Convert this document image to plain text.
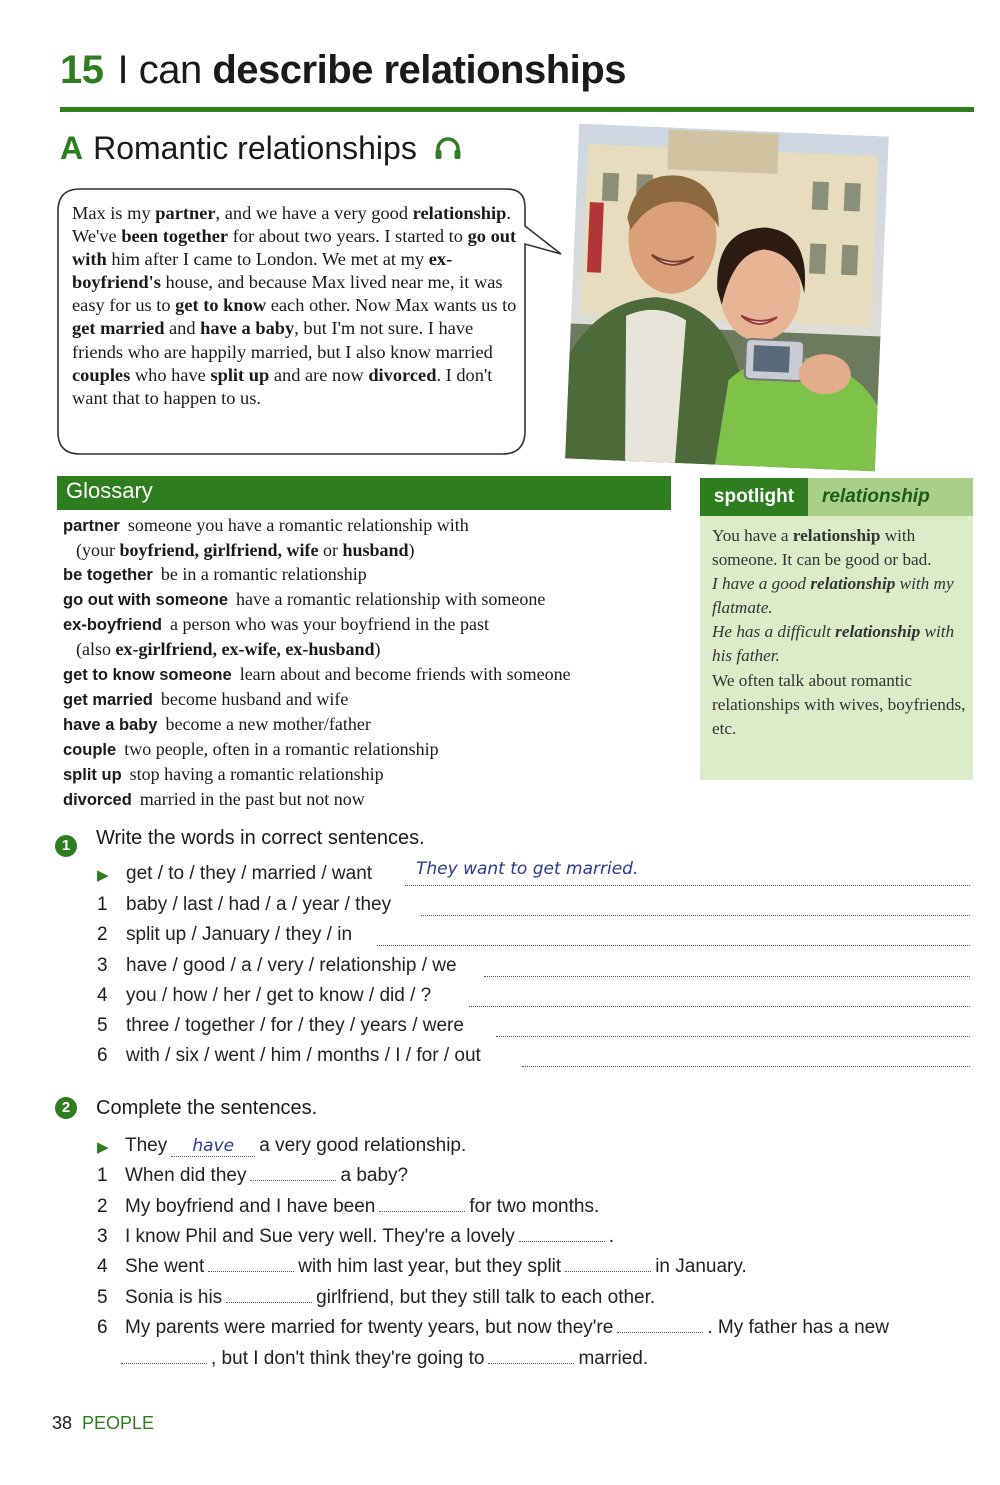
15 I can describe relationships
A Romantic relationships
Max is my partner, and we have a very good relationship. We've been together for about two years. I started to go out with him after I came to London. We met at my ex-boyfriend's house, and because Max lived near me, it was easy for us to get to know each other. Now Max wants us to get married and have a baby, but I'm not sure. I have friends who are happily married, but I also know married couples who have split up and are now divorced. I don't want that to happen to us.
Glossary
partner someone you have a romantic relationship with
(your boyfriend, girlfriend, wife or husband)
be together be in a romantic relationship
go out with someone have a romantic relationship with someone
ex-boyfriend a person who was your boyfriend in the past
(also ex-girlfriend, ex-wife, ex-husband)
get to know someone learn about and become friends with someone
get married become husband and wife
have a baby become a new mother/father
couple two people, often in a romantic relationship
split up stop having a romantic relationship
divorced married in the past but not now
spotlight	relationship
You have a relationship with someone. It can be good or bad.
I have a good relationship with my flatmate.
He has a difficult relationship with his father.
We often talk about romantic relationships with wives, boyfriends, etc.
1	Write the words in correct sentences.
▶ get / to / they / married / want	They want to get married.
1 baby / last / had / a / year / they
2 split up / January / they / in
3 have / good / a / very / relationship / we
4 you / how / her / get to know / did / ?
5 three / together / for / they / years / were
6 with / six / went / him / months / I / for / out
2	Complete the sentences.
▶ They have a very good relationship.
1 When did they	a baby?
2 My boyfriend and I have been	for two months.
3 I know Phil and Sue very well. They're a lovely	.
4 She went	with him last year, but they split	in January.
5 Sonia is his	girlfriend, but they still talk to each other.
6 My parents were married for twenty years, but now they're	. My father has a new
, but I don't think they're going to	married.
38 PEOPLE
